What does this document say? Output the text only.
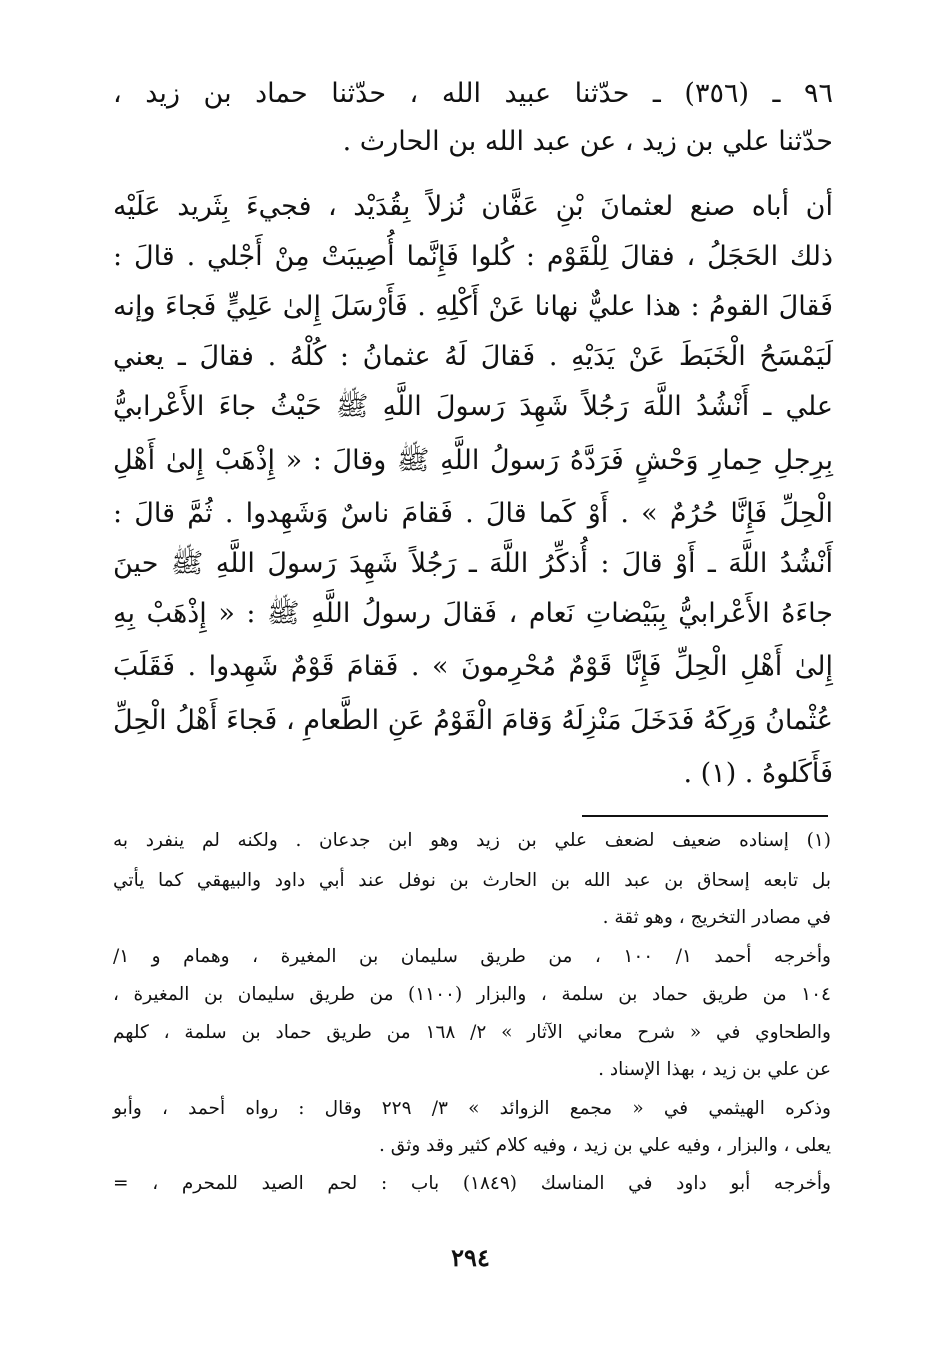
٩٦ ـ (٣٥٦) ـ حدّثنا عبيد الله ، حدّثنا حماد بن زيد ،
حدّثنا علي بن زيد ، عن عبد الله بن الحارث .
أن أباه صنع لعثمانَ بْنِ عَفَّان نُزلاً بِقُدَيْد ، فجيءَ بِثَريد عَلَيْه
ذلك الحَجَلُ ، فقالَ لِلْقَوْم : كُلوا فَإِنَّما أُصِيبَتْ مِنْ أَجْلي . قالَ :
فَقالَ القومُ : هذا عليٌّ نهانا عَنْ أَكْلِهِ . فَأَرْسَلَ إِلىٰ عَلِيٍّ فَجاءَ وإنه
لَيَمْسَحُ الْخَبَطَ عَنْ يَدَيْهِ . فَقالَ لَهُ عثمانُ : كُلْهُ . فقالَ ـ يعني
علي ـ أَنْشُدُ اللَّهَ رَجُلاً شَهِدَ رَسولَ اللَّهِ ﷺ حَيْثُ جاءَ الأَعْرابيُّ
بِرِجلِ حِمارِ وَحْشٍ فَرَدَّهُ رَسولُ اللَّهِ ﷺ وقالَ : « إِذْهَبْ إِلىٰ أَهْلِ
الْحِلِّ فَإِنَّا حُرُمٌ » . أَوْ كَما قالَ . فَقامَ ناسٌ وَشَهِدوا . ثُمَّ قالَ :
أَنْشُدُ اللَّهَ ـ أَوْ قالَ : أُذكِّرُ اللَّهَ ـ رَجُلاً شَهِدَ رَسولَ اللَّهِ ﷺ حينَ
جاءَهُ الأَعْرابيُّ بِبَيْضاتِ نَعام ، فَقالَ رسولُ اللَّهِ ﷺ : « إِذْهَبْ بِهِ
إِلىٰ أَهْلِ الْحِلِّ فَإِنَّا قَوْمٌ مُحْرِمونَ » . فَقامَ قَوْمٌ شَهِدوا . فَقَلَبَ
عُثْمانُ وَرِكَهُ فَدَخَلَ مَنْزِلَهُ وَقامَ الْقَوْمُ عَنِ الطَّعامِ ، فَجاءَ أَهْلُ الْحِلِّ
فَأَكَلوهُ . (١) .
(١) إسناده ضعيف لضعف علي بن زيد وهو ابن جدعان . ولكنه لم ينفرد به
بل تابعه إسحاق بن عبد الله بن الحارث بن نوفل عند أبي داود والبيهقي كما يأتي
في مصادر التخريج ، وهو ثقة .
وأخرجه أحمد ١/ ١٠٠ ، من طريق سليمان بن المغيرة ، وهمام و ١/
١٠٤ من طريق حماد بن سلمة ، والبزار (١١٠٠) من طريق سليمان بن المغيرة ،
والطحاوي في « شرح معاني الآثار » ٢/ ١٦٨ من طريق حماد بن سلمة ، كلهم
عن علي بن زيد ، بهذا الإسناد .
وذكره الهيثمي في « مجمع الزوائد » ٣/ ٢٢٩ وقال : رواه أحمد ، وأبو
يعلى ، والبزار ، وفيه علي بن زيد ، وفيه كلام كثير وقد وثق .
وأخرجه أبو داود في المناسك (١٨٤٩) باب : لحم الصيد للمحرم ، =
٢٩٤
